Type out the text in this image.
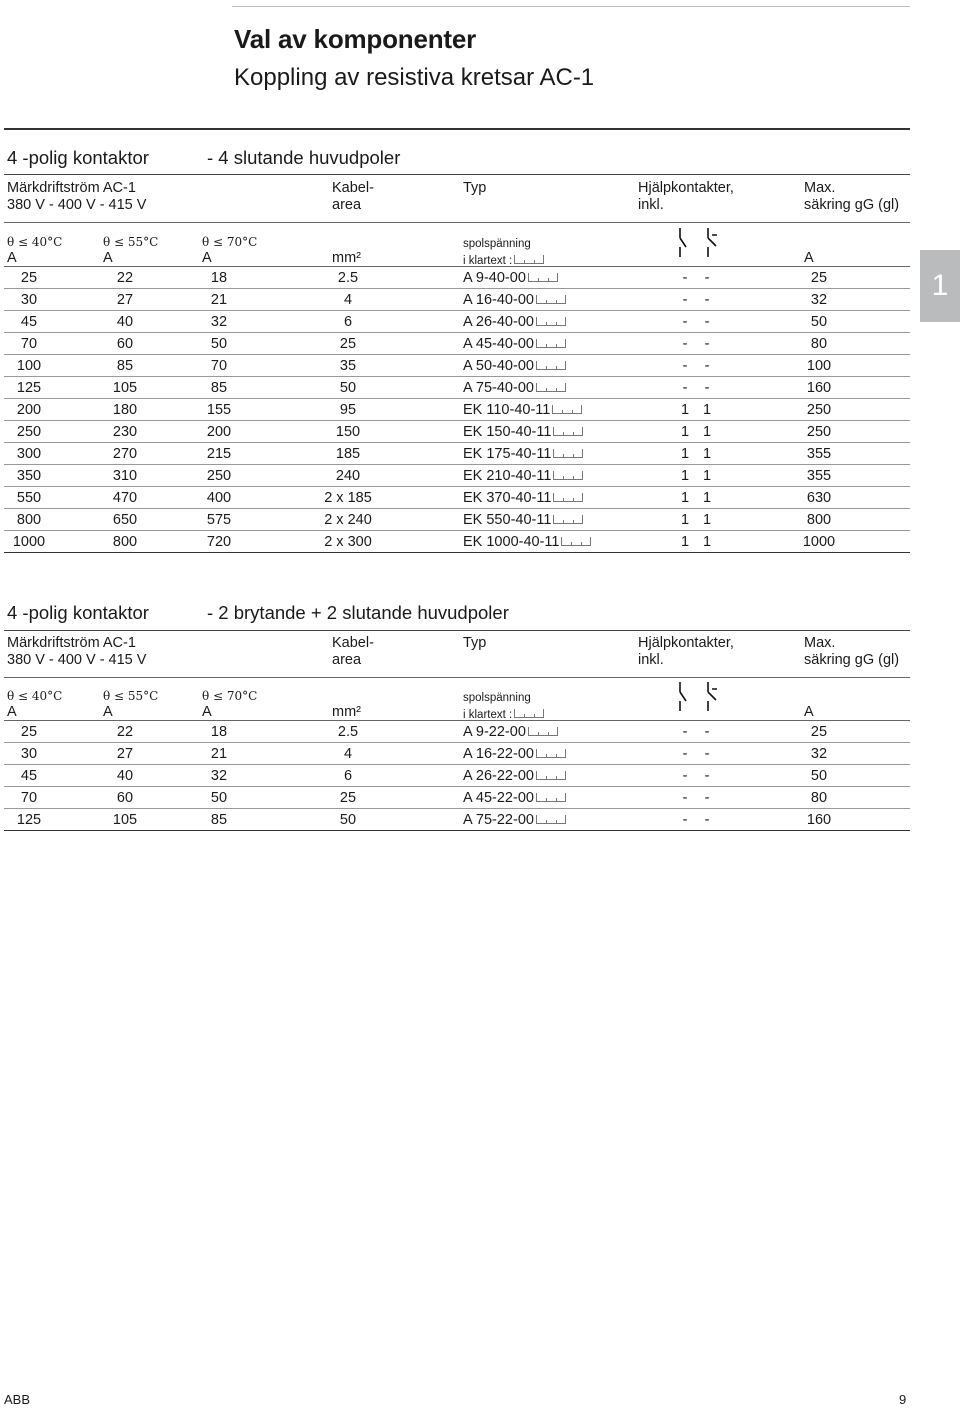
Val av komponenter
Koppling av resistiva kretsar AC-1
1
4 -polig kontaktor	- 4 slutande huvudpoler
Märkdriftström AC-1
380 V - 400 V - 415 V
Kabel-
area
Typ	Hjälpkontakter,
inkl.
Max.
säkring gG (gl)
θ ≤ 40°C	θ ≤ 55°C	θ ≤ 70°C	spolspänning
A	A	A	mm²	i klartext :	A
25	22	18	2.5	A 9-40-00	-	-	25
30	27	21	4	A 16-40-00	-	-	32
45	40	32	6	A 26-40-00	-	-	50
70	60	50	25	A 45-40-00	-	-	80
100	85	70	35	A 50-40-00	-	-	100
125	105	85	50	A 75-40-00	-	-	160
200	180	155	95	EK 110-40-11	1 1	250
250	230	200	150	EK 150-40-11	1 1	250
300	270	215	185	EK 175-40-11	1 1	355
350	310	250	240	EK 210-40-11	1 1	355
550	470	400	2 x 185	EK 370-40-11	1 1	630
800	650	575	2 x 240	EK 550-40-11	1 1	800
1000	800	720	2 x 300	EK 1000-40-11	1 1	1000
4 -polig kontaktor	- 2 brytande + 2 slutande huvudpoler
Märkdriftström AC-1
380 V - 400 V - 415 V
Kabel-
area
Typ	Hjälpkontakter,
inkl.
Max.
säkring gG (gl)
θ ≤ 40°C	θ ≤ 55°C	θ ≤ 70°C	spolspänning
A	A	A	mm²	i klartext :	A
25	22	18	2.5	A 9-22-00	-	-	25
30	27	21	4	A 16-22-00	-	-	32
45	40	32	6	A 26-22-00	-	-	50
70	60	50	25	A 45-22-00	-	-	80
125	105	85	50	A 75-22-00	-	-	160
ABB	9
